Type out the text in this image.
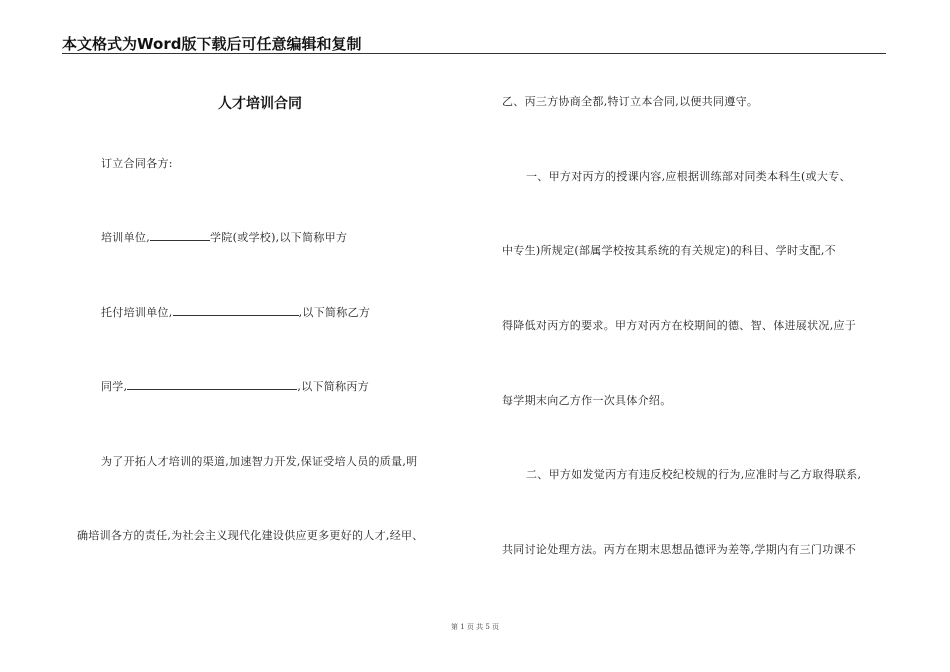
本文格式为Word版下载后可任意编辑和复制
人才培训合同
订立合同各方:
培训单位,	学院(或学校),以下简称甲方
托付培训单位,	,以下简称乙方
同学,	,以下简称丙方
为了开拓人才培训的渠道,加速智力开发,保证受培人员的质量,明
确培训各方的责任,为社会主义现代化建设供应更多更好的人才,经甲、
乙、丙三方协商全都,特订立本合同,以便共同遵守。
一、甲方对丙方的授课内容,应根据训练部对同类本科生(或大专、
中专生)所规定(部属学校按其系统的有关规定)的科目、学时支配,不
得降低对丙方的要求。甲方对丙方在校期间的德、智、体进展状况,应于
每学期末向乙方作一次具体介绍。
二、甲方如发觉丙方有违反校纪校规的行为,应准时与乙方取得联系,
共同讨论处理方法。丙方在期末思想品德评为差等,学期内有三门功课不
第 1 页 共 5 页
